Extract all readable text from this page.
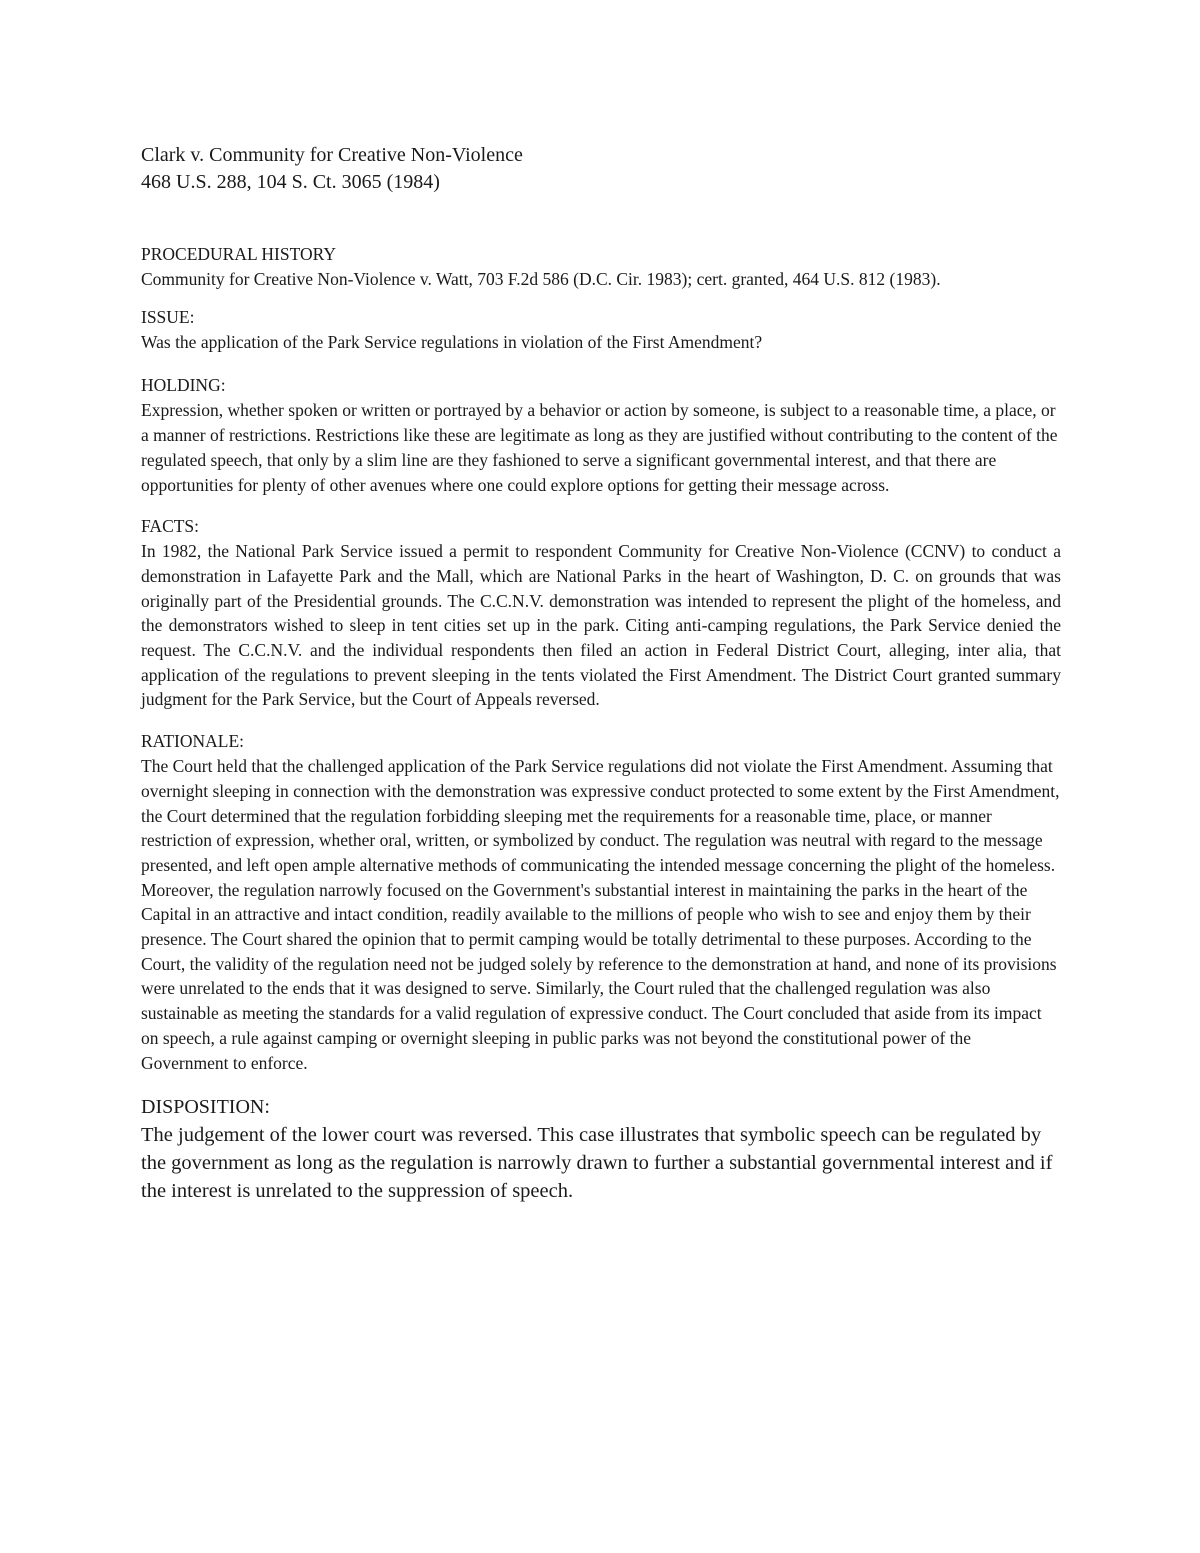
Clark v. Community for Creative Non-Violence
468 U.S. 288, 104 S. Ct. 3065 (1984)
PROCEDURAL HISTORY
Community for Creative Non-Violence v. Watt, 703 F.2d 586 (D.C. Cir. 1983); cert. granted, 464 U.S. 812 (1983).
ISSUE:
Was the application of the Park Service regulations in violation of the First Amendment?
HOLDING:
Expression, whether spoken or written or portrayed by a behavior or action by someone, is subject to a reasonable time, a place, or a manner of restrictions. Restrictions like these are legitimate as long as they are justified without contributing to the content of the regulated speech, that only by a slim line are they fashioned to serve a significant governmental interest, and that there are opportunities for plenty of other avenues where one could explore options for getting their message across.
FACTS:
In 1982, the National Park Service issued a permit to respondent Community for Creative Non-Violence (CCNV) to conduct a demonstration in Lafayette Park and the Mall, which are National Parks in the heart of Washington, D. C. on grounds that was originally part of the Presidential grounds. The C.C.N.V. demonstration was intended to represent the plight of the homeless, and the demonstrators wished to sleep in tent cities set up in the park. Citing anti-camping regulations, the Park Service denied the request. The C.C.N.V. and the individual respondents then filed an action in Federal District Court, alleging, inter alia, that application of the regulations to prevent sleeping in the tents violated the First Amendment. The District Court granted summary judgment for the Park Service, but the Court of Appeals reversed.
RATIONALE:
The Court held that the challenged application of the Park Service regulations did not violate the First Amendment. Assuming that overnight sleeping in connection with the demonstration was expressive conduct protected to some extent by the First Amendment, the Court determined that the regulation forbidding sleeping met the requirements for a reasonable time, place, or manner restriction of expression, whether oral, written, or symbolized by conduct. The regulation was neutral with regard to the message presented, and left open ample alternative methods of communicating the intended message concerning the plight of the homeless. Moreover, the regulation narrowly focused on the Government's substantial interest in maintaining the parks in the heart of the Capital in an attractive and intact condition, readily available to the millions of people who wish to see and enjoy them by their presence. The Court shared the opinion that to permit camping would be totally detrimental to these purposes. According to the Court, the validity of the regulation need not be judged solely by reference to the demonstration at hand, and none of its provisions were unrelated to the ends that it was designed to serve. Similarly, the Court ruled that the challenged regulation was also sustainable as meeting the standards for a valid regulation of expressive conduct. The Court concluded that aside from its impact on speech, a rule against camping or overnight sleeping in public parks was not beyond the constitutional power of the Government to enforce.
DISPOSITION:
The judgement of the lower court was reversed. This case illustrates that symbolic speech can be regulated by the government as long as the regulation is narrowly drawn to further a substantial governmental interest and if the interest is unrelated to the suppression of speech.
